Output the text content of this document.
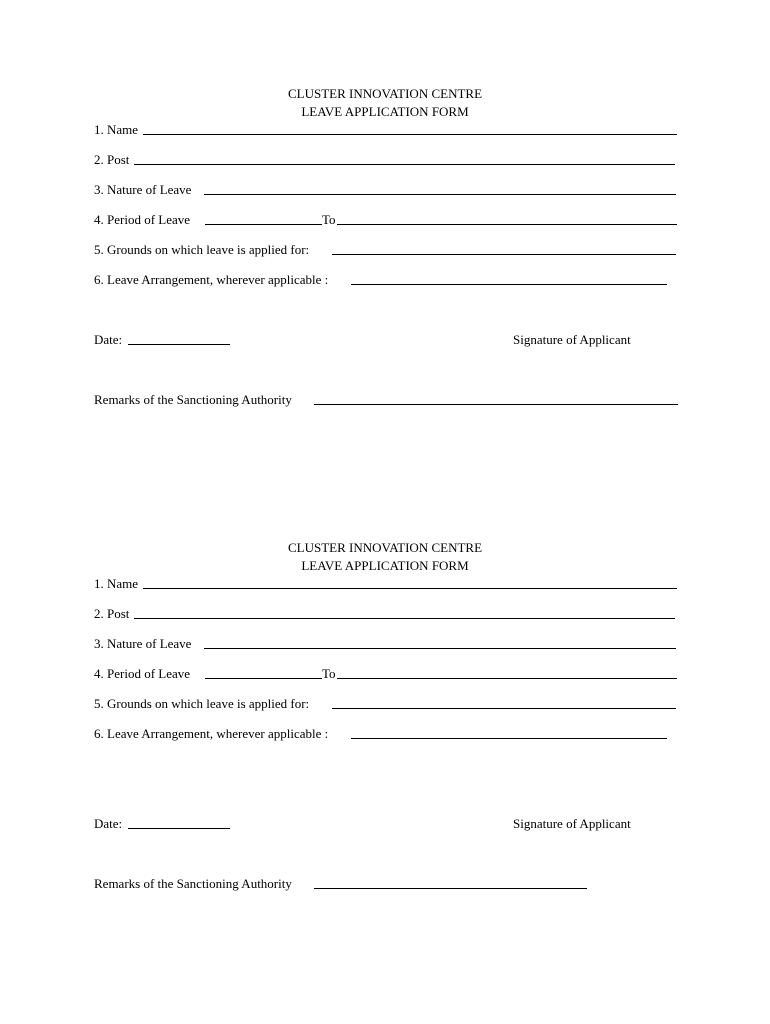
CLUSTER INNOVATION CENTRE
LEAVE APPLICATION FORM
1. Name
2. Post
3. Nature of Leave
4. Period of Leave	To
5. Grounds on which leave is applied for:
6. Leave Arrangement, wherever applicable :
Date:	Signature of Applicant
Remarks of the Sanctioning Authority
CLUSTER INNOVATION CENTRE
LEAVE APPLICATION FORM
1. Name
2. Post
3. Nature of Leave
4. Period of Leave	To
5. Grounds on which leave is applied for:
6. Leave Arrangement, wherever applicable :
Date:	Signature of Applicant
Remarks of the Sanctioning Authority
